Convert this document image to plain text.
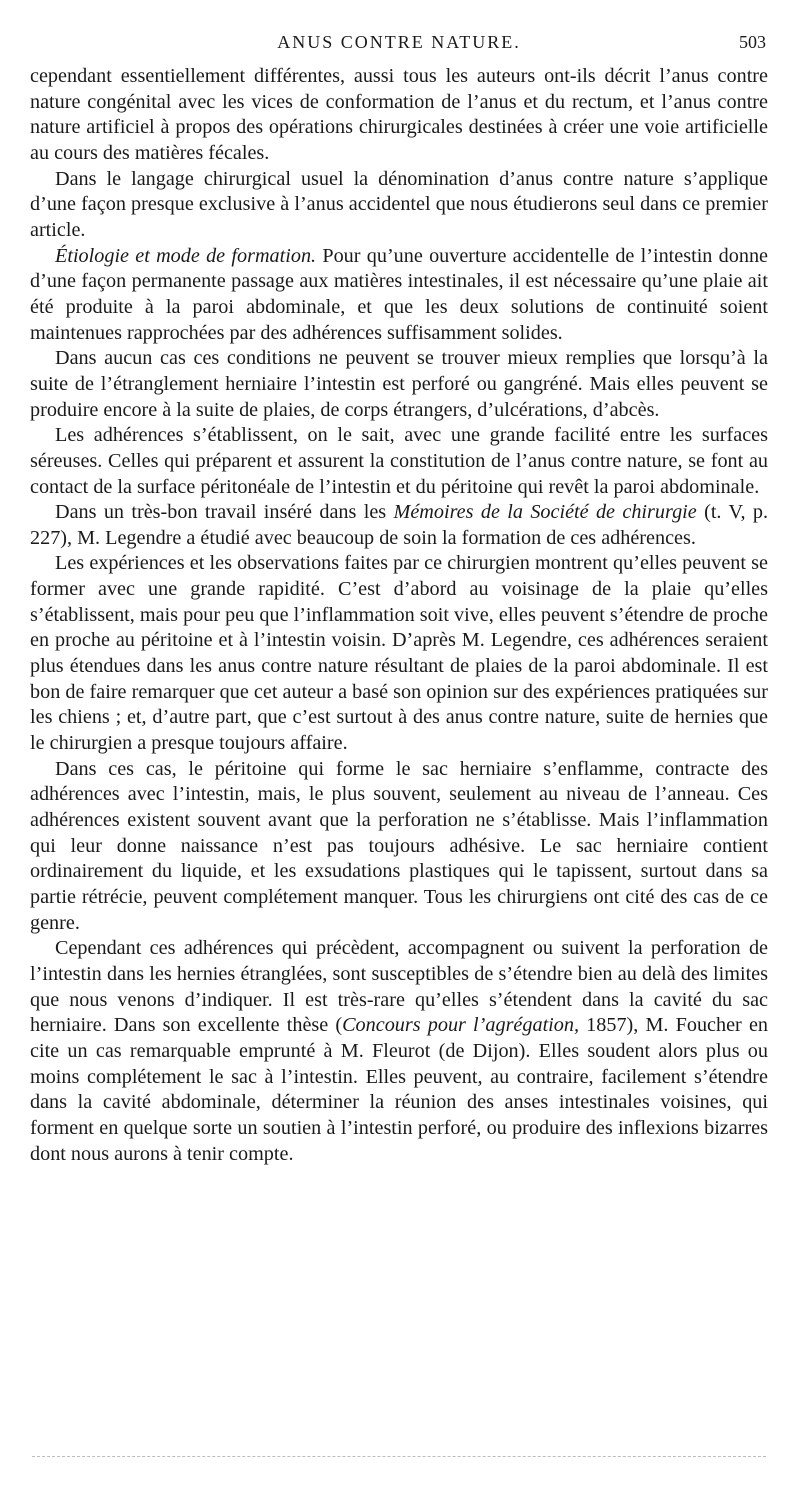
ANUS CONTRE NATURE.	503

cependant essentiellement différentes, aussi tous les auteurs ont-ils décrit l’anus contre nature congénital avec les vices de conformation de l’anus et du rectum, et l’anus contre nature artificiel à propos des opérations chirurgicales destinées à créer une voie artificielle au cours des matières fécales.

Dans le langage chirurgical usuel la dénomination d’anus contre nature s’applique d’une façon presque exclusive à l’anus accidentel que nous étudierons seul dans ce premier article.

Étiologie et mode de formation. Pour qu’une ouverture accidentelle de l’intestin donne d’une façon permanente passage aux matières intestinales, il est nécessaire qu’une plaie ait été produite à la paroi abdominale, et que les deux solutions de continuité soient maintenues rapprochées par des adhérences suffisamment solides.

Dans aucun cas ces conditions ne peuvent se trouver mieux remplies que lorsqu’à la suite de l’étranglement herniaire l’intestin est perforé ou gangréné. Mais elles peuvent se produire encore à la suite de plaies, de corps étrangers, d’ulcérations, d’abcès.

Les adhérences s’établissent, on le sait, avec une grande facilité entre les surfaces séreuses. Celles qui préparent et assurent la constitution de l’anus contre nature, se font au contact de la surface péritonéale de l’intestin et du péritoine qui revêt la paroi abdominale.

Dans un très-bon travail inséré dans les Mémoires de la Société de chirurgie (t. V, p. 227), M. Legendre a étudié avec beaucoup de soin la formation de ces adhérences.

Les expériences et les observations faites par ce chirurgien montrent qu’elles peuvent se former avec une grande rapidité. C’est d’abord au voisinage de la plaie qu’elles s’établissent, mais pour peu que l’inflammation soit vive, elles peuvent s’étendre de proche en proche au péritoine et à l’intestin voisin. D’après M. Legendre, ces adhérences seraient plus étendues dans les anus contre nature résultant de plaies de la paroi abdominale. Il est bon de faire remarquer que cet auteur a basé son opinion sur des expériences pratiquées sur les chiens ; et, d’autre part, que c’est surtout à des anus contre nature, suite de hernies que le chirurgien a presque toujours affaire.

Dans ces cas, le péritoine qui forme le sac herniaire s’enflamme, contracte des adhérences avec l’intestin, mais, le plus souvent, seulement au niveau de l’anneau. Ces adhérences existent souvent avant que la perforation ne s’établisse. Mais l’inflammation qui leur donne naissance n’est pas toujours adhésive. Le sac herniaire contient ordinairement du liquide, et les exsudations plastiques qui le tapissent, surtout dans sa partie rétrécie, peuvent complétement manquer. Tous les chirurgiens ont cité des cas de ce genre.

Cependant ces adhérences qui précèdent, accompagnent ou suivent la perforation de l’intestin dans les hernies étranglées, sont susceptibles de s’étendre bien au delà des limites que nous venons d’indiquer. Il est très-rare qu’elles s’étendent dans la cavité du sac herniaire. Dans son excellente thèse (Concours pour l’agrégation, 1857), M. Foucher en cite un cas remarquable emprunté à M. Fleurot (de Dijon). Elles soudent alors plus ou moins complétement le sac à l’intestin. Elles peuvent, au contraire, facilement s’étendre dans la cavité abdominale, déterminer la réunion des anses intestinales voisines, qui forment en quelque sorte un soutien à l’intestin perforé, ou produire des inflexions bizarres dont nous aurons à tenir compte.
